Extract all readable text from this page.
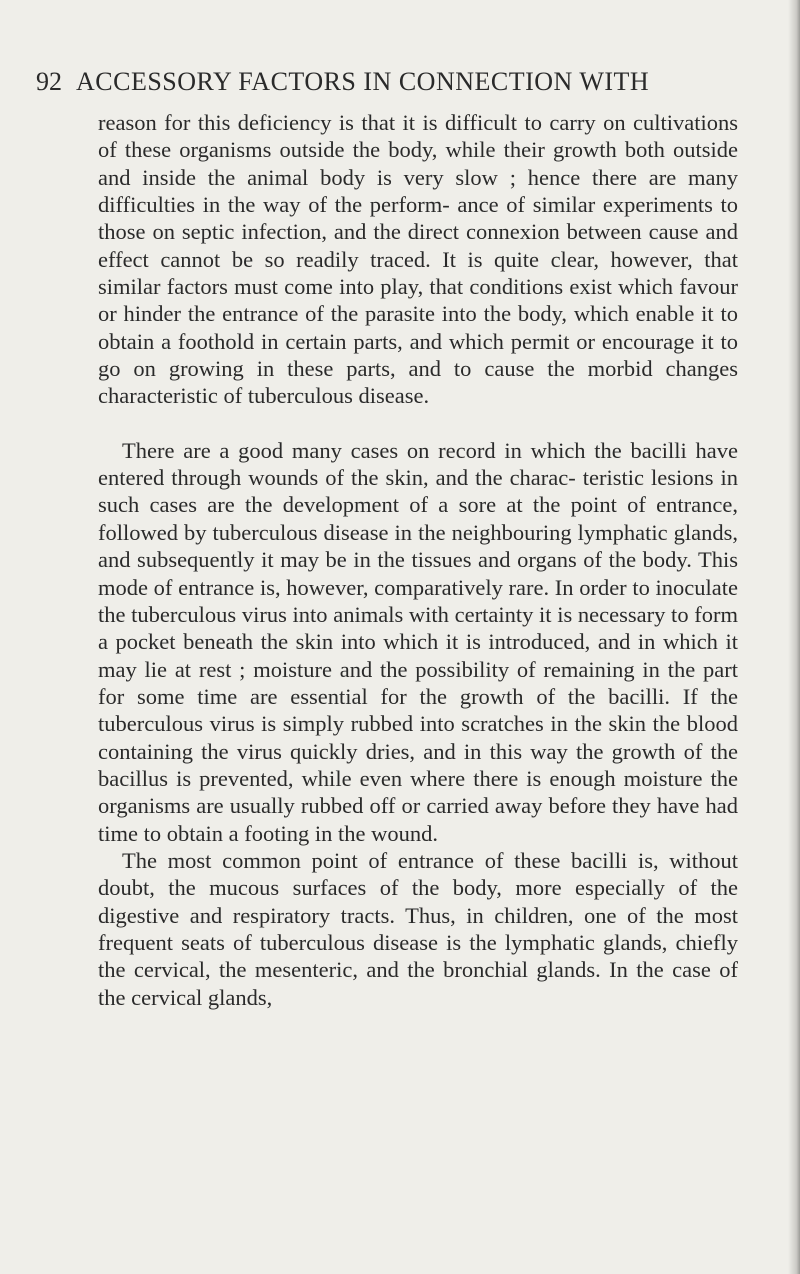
92 ACCESSORY FACTORS IN CONNECTION WITH

reason for this deficiency is that it is difficult to carry on cultivations of these organisms outside the body, while their growth both outside and inside the animal body is very slow ; hence there are many difficulties in the way of the perform- ance of similar experiments to those on septic infection, and the direct connexion between cause and effect cannot be so readily traced. It is quite clear, however, that similar factors must come into play, that conditions exist which favour or hinder the entrance of the parasite into the body, which enable it to obtain a foothold in certain parts, and which permit or encourage it to go on growing in these parts, and to cause the morbid changes characteristic of tuberculous disease.

There are a good many cases on record in which the bacilli have entered through wounds of the skin, and the charac- teristic lesions in such cases are the development of a sore at the point of entrance, followed by tuberculous disease in the neighbouring lymphatic glands, and subsequently it may be in the tissues and organs of the body. This mode of entrance is, however, comparatively rare. In order to inoculate the tuberculous virus into animals with certainty it is necessary to form a pocket beneath the skin into which it is introduced, and in which it may lie at rest ; moisture and the possibility of remaining in the part for some time are essential for the growth of the bacilli. If the tuberculous virus is simply rubbed into scratches in the skin the blood containing the virus quickly dries, and in this way the growth of the bacillus is prevented, while even where there is enough moisture the organisms are usually rubbed off or carried away before they have had time to obtain a footing in the wound.

The most common point of entrance of these bacilli is, without doubt, the mucous surfaces of the body, more especially of the digestive and respiratory tracts. Thus, in children, one of the most frequent seats of tuberculous disease is the lymphatic glands, chiefly the cervical, the mesenteric, and the bronchial glands. In the case of the cervical glands,
